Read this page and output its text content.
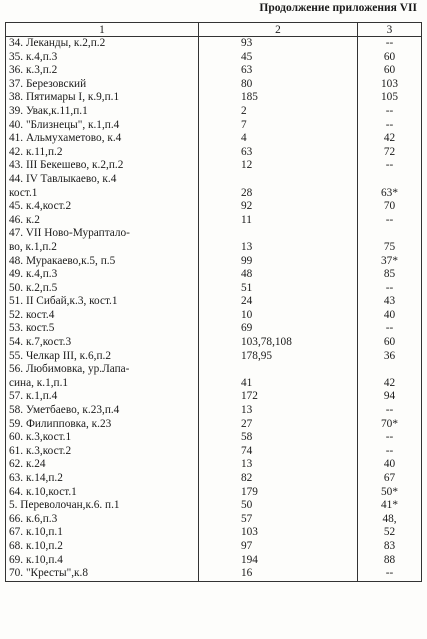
Продолжение приложения VII
1	2	3
34. Леканды, к.2,п.2	93	--
35. к.4,п.3	45	60
36. к.3,п.2	63	60
37. Березовский	80	103
38. Пятимары I, к.9,п.1	185	105
39. Увак,к.11,п.1	2	--
40. "Близнецы", к.1,п.4	7	--
41. Альмухаметово, к.4	4	42
42. к.11,п.2	63	72
43. III Бекешево, к.2,п.2	12	--
44. IV Тавлыкаево, к.4		
кост.1	28	63*
45. к.4,кост.2	92	70
46. к.2	11	--
47. VII Ново-Мурапталo-		
во, к.1,п.2	13	75
48. Муракаево,к.5, п.5	99	37*
49. к.4,п.3	48	85
50. к.2,п.5	51	--
51. II Сибай,к.3, кост.1	24	43
52. кост.4	10	40
53. кост.5	69	--
54. к.7,кост.3	103,78,108	60
55. Челкар III, к.6,п.2	178,95	36
56. Любимовка, ур.Лапа-		
сина, к.1,п.1	41	42
57. к.1,п.4	172	94
58. Уметбаево, к.23,п.4	13	--
59. Филипповка, к.23	27	70*
60. к.3,кост.1	58	--
61. к.3,кост.2	74	--
62. к.24	13	40
63. к.14,п.2	82	67
64. к.10,кост.1	179	50*
5. Переволочан,к.6. п.1	50	41*
66. к.6,п.3	57	48,
67. к.10,п.1	103	52
68. к.10,п.2	97	83
69. к.10,п.4	194	88
70. "Кресты",к.8	16	--
